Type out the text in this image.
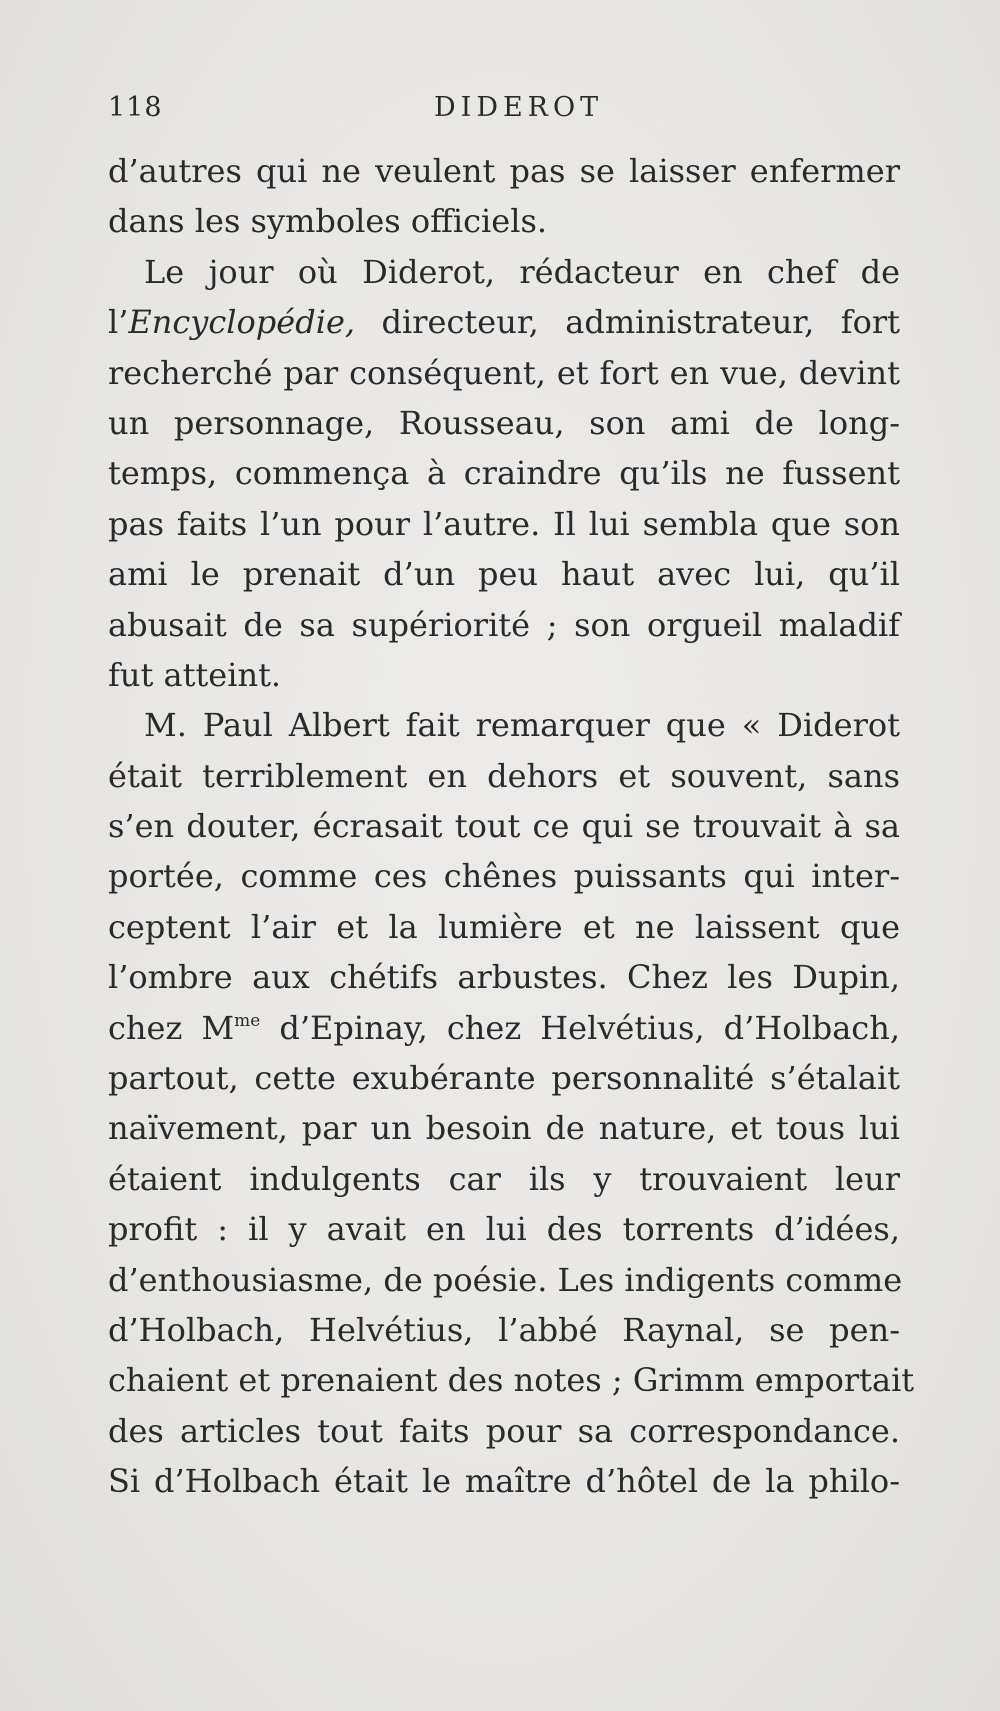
118	DIDEROT
d’autres qui ne veulent pas se laisser enfermer
dans les symboles officiels.
Le jour où Diderot, rédacteur en chef de
l’Encyclopédie, directeur, administrateur, fort
recherché par conséquent, et fort en vue, devint
un personnage, Rousseau, son ami de long-
temps, commença à craindre qu’ils ne fussent
pas faits l’un pour l’autre. Il lui sembla que son
ami le prenait d’un peu haut avec lui, qu’il
abusait de sa supériorité ; son orgueil maladif
fut atteint.
M. Paul Albert fait remarquer que « Diderot
était terriblement en dehors et souvent, sans
s’en douter, écrasait tout ce qui se trouvait à sa
portée, comme ces chênes puissants qui inter-
ceptent l’air et la lumière et ne laissent que
l’ombre aux chétifs arbustes. Chez les Dupin,
chez $M^{me}$ d’Epinay, chez Helvétius, d’Holbach,
partout, cette exubérante personnalité s’étalait
naïvement, par un besoin de nature, et tous lui
étaient indulgents car ils y trouvaient leur
profit : il y avait en lui des torrents d’idées,
d’enthousiasme, de poésie. Les indigents comme
d’Holbach, Helvétius, l’abbé Raynal, se pen-
chaient et prenaient des notes ; Grimm emportait
des articles tout faits pour sa correspondance.
Si d’Holbach était le maître d’hôtel de la philo-
